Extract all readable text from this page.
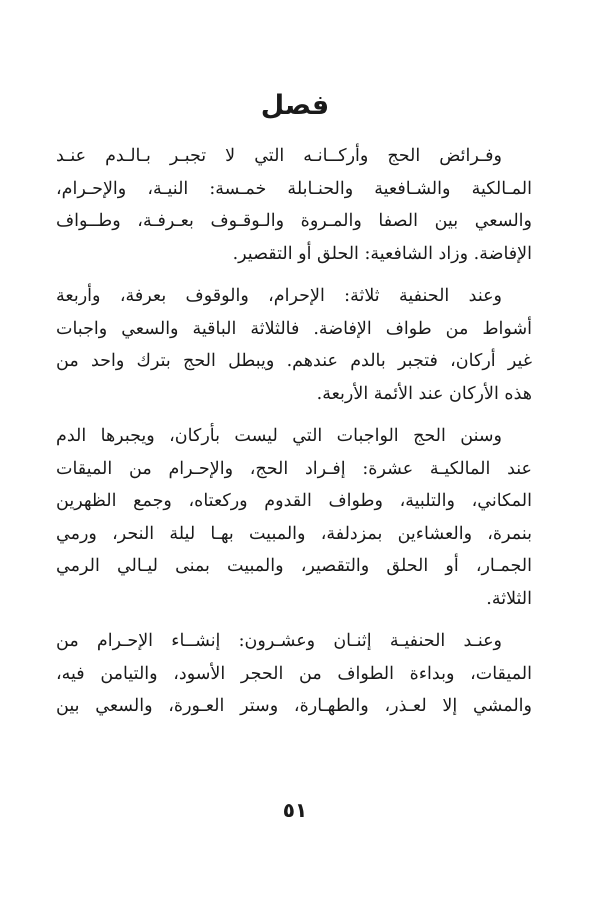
فصل

وفـرائض الحج وأركــانـه التي لا تجبـر بـالـدم عنـد
المـالكية والشـافعية والحنـابلة خمـسة: النيـة، والإحـرام،
والسعي بين الصفا والمـروة والـوقـوف بعـرفـة، وطــواف
الإفاضة. وزاد الشافعية: الحلق أو التقصير.

وعند الحنفية ثلاثة: الإحرام، والوقوف بعرفة، وأربعة
أشواط من طواف الإفاضة. فالثلاثة الباقية والسعي واجبات
غير أركان، فتجبر بالدم عندهم. ويبطل الحج بترك واحد من
هذه الأركان عند الأئمة الأربعة.

وسنن الحج الواجبات التي ليست بأركان، ويجبرها الدم
عند المالكيـة عشرة: إفـراد الحج، والإحـرام من الميقات
المكاني، والتلبية، وطواف القدوم وركعتاه، وجمع الظهرين
بنمرة، والعشاءين بمزدلفة، والمبيت بهـا ليلة النحر، ورمي
الجمـار، أو الحلق والتقصير، والمبيت بمنى ليـالي الرمي
الثلاثة.

وعنـد الحنفيـة إثنـان وعشـرون: إنشــاء الإحـرام من
الميقات، وبداءة الطواف من الحجر الأسود، والتيامن فيه،
والمشي إلا لعـذر، والطهـارة، وستر العـورة، والسعي بين

٥١
